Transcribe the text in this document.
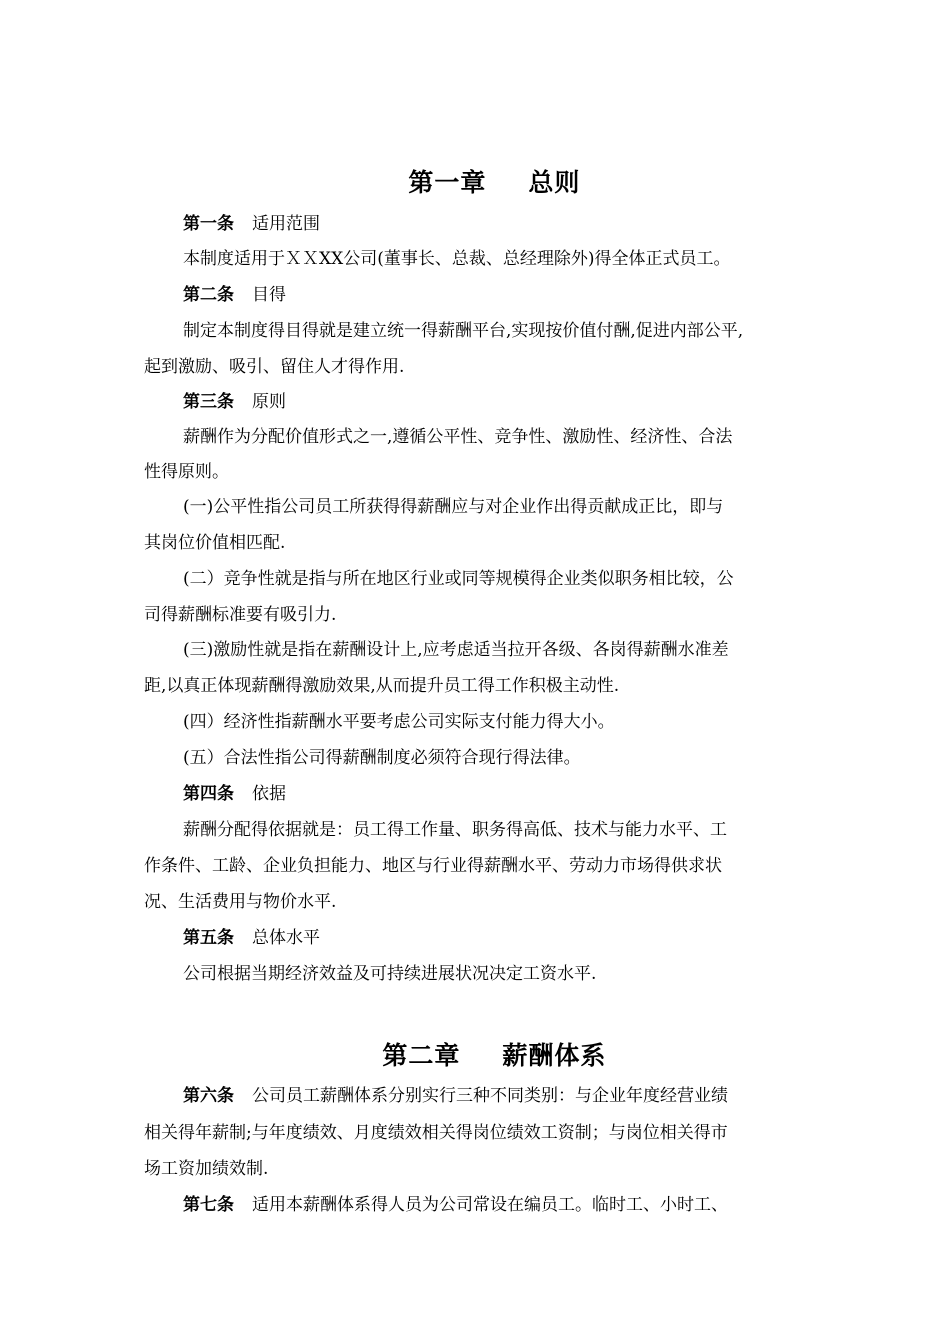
第一章 总则

第一条 适用范围
本制度适用于ＸＸXX公司(董事长、总裁、总经理除外)得全体正式员工。
第二条 目得
制定本制度得目得就是建立统一得薪酬平台,实现按价值付酬,促进内部公平,
起到激励、吸引、留住人才得作用.
第三条 原则
薪酬作为分配价值形式之一,遵循公平性、竞争性、激励性、经济性、合法
性得原则。
(一)公平性指公司员工所获得得薪酬应与对企业作出得贡献成正比，即与
其岗位价值相匹配.
(二）竞争性就是指与所在地区行业或同等规模得企业类似职务相比较，公
司得薪酬标准要有吸引力.
(三)激励性就是指在薪酬设计上,应考虑适当拉开各级、各岗得薪酬水准差
距,以真正体现薪酬得激励效果,从而提升员工得工作积极主动性.
(四）经济性指薪酬水平要考虑公司实际支付能力得大小。
(五）合法性指公司得薪酬制度必须符合现行得法律。
第四条 依据
薪酬分配得依据就是：员工得工作量、职务得高低、技术与能力水平、工
作条件、工龄、企业负担能力、地区与行业得薪酬水平、劳动力市场得供求状
况、生活费用与物价水平.
第五条 总体水平
公司根据当期经济效益及可持续进展状况决定工资水平.

第二章 薪酬体系

第六条 公司员工薪酬体系分别实行三种不同类别：与企业年度经营业绩
相关得年薪制;与年度绩效、月度绩效相关得岗位绩效工资制；与岗位相关得市
场工资加绩效制.
第七条 适用本薪酬体系得人员为公司常设在编员工。临时工、小时工、
